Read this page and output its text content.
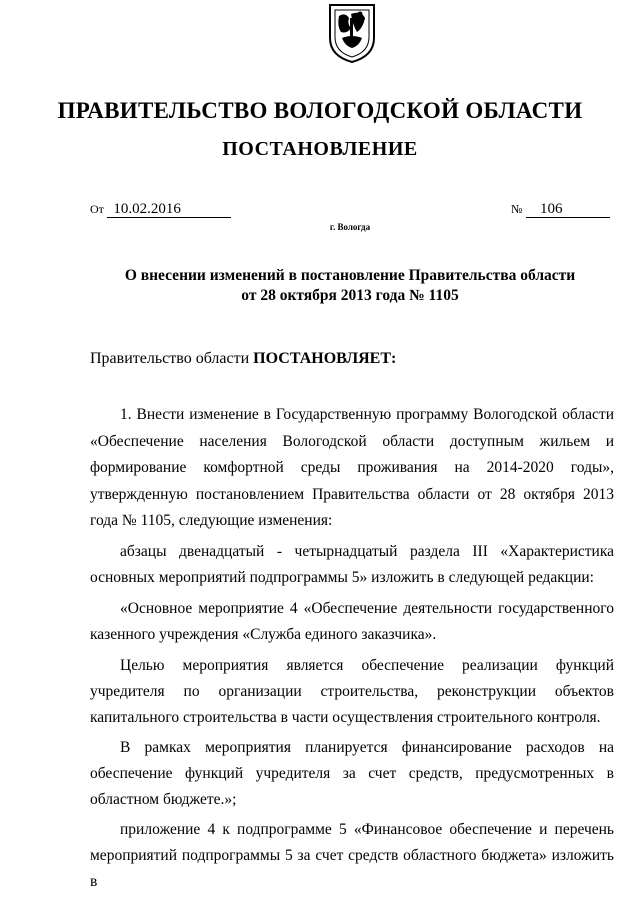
ПРАВИТЕЛЬСТВО ВОЛОГОДСКОЙ ОБЛАСТИ
ПОСТАНОВЛЕНИЕ
От 10.02.2016	№ 106
г. Вологда
О внесении изменений в постановление Правительства области
от 28 октября 2013 года № 1105
Правительство области ПОСТАНОВЛЯЕТ:

1. Внести изменение в Государственную программу Вологодской области «Обеспечение населения Вологодской области доступным жильем и формирование комфортной среды проживания на 2014-2020 годы», утвержденную постановлением Правительства области от 28 октября 2013 года № 1105, следующие изменения:

абзацы двенадцатый - четырнадцатый раздела III «Характеристика основных мероприятий подпрограммы 5» изложить в следующей редакции:

«Основное мероприятие 4 «Обеспечение деятельности государственного казенного учреждения «Служба единого заказчика».

Целью мероприятия является обеспечение реализации функций учредителя по организации строительства, реконструкции объектов капитального строительства в части осуществления строительного контроля.

В рамках мероприятия планируется финансирование расходов на обеспечение функций учредителя за счет средств, предусмотренных в областном бюджете.»;

приложение 4 к подпрограмме 5 «Финансовое обеспечение и перечень мероприятий подпрограммы 5 за счет средств областного бюджета» изложить в
